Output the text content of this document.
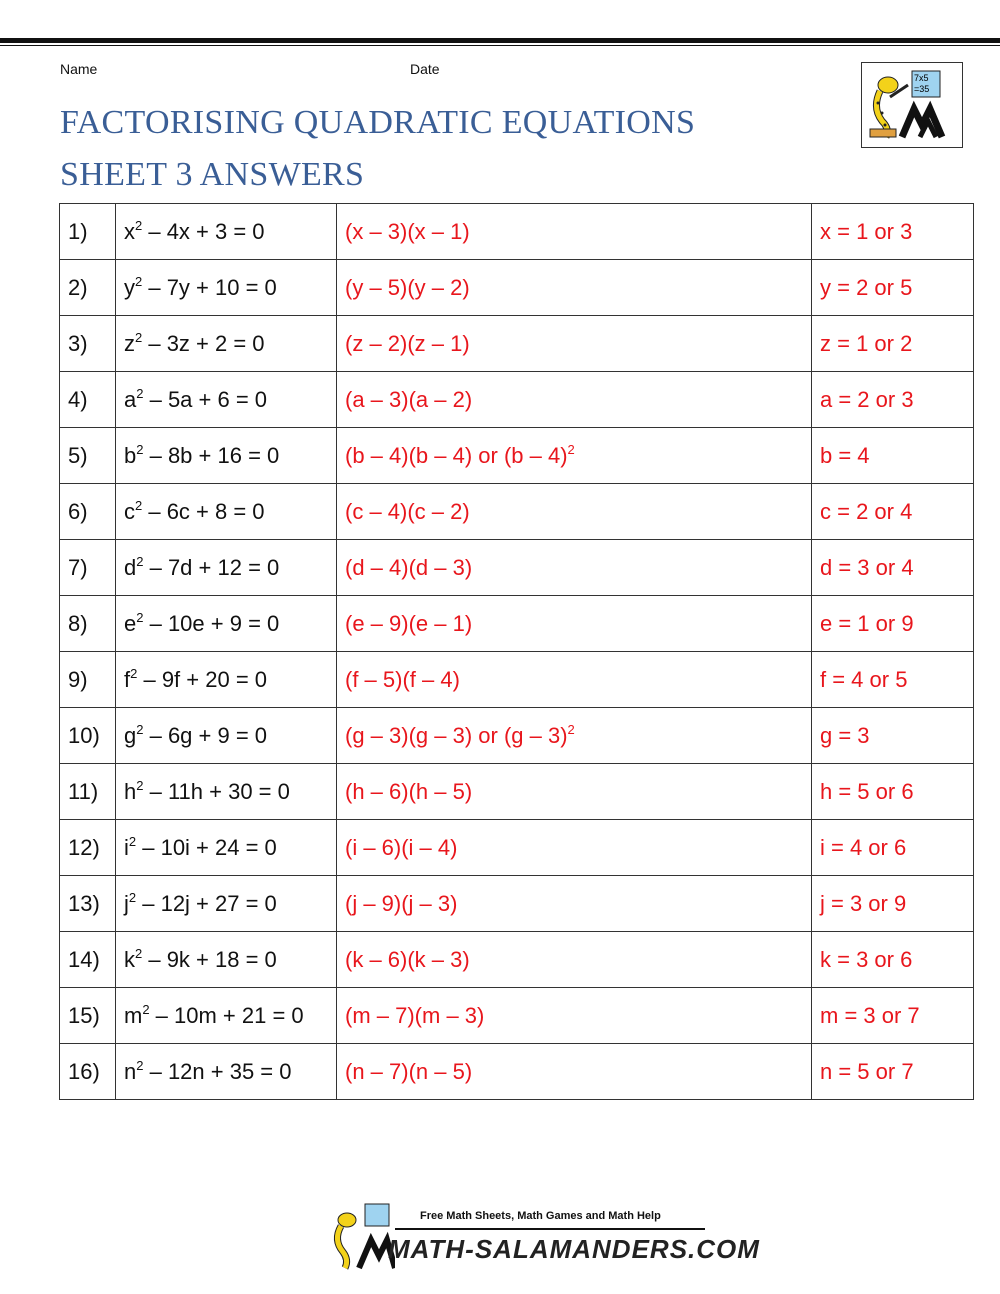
Name	Date
FACTORISING QUADRATIC EQUATIONS
SHEET 3 ANSWERS
7x5
=35
1)	$x^2 - 4x + 3 = 0$	(x – 3)(x – 1)	x = 1 or 3
2)	$y^2 - 7y + 10 = 0$	(y – 5)(y – 2)	y = 2 or 5
3)	$z^2 - 3z + 2 = 0$	(z – 2)(z – 1)	z = 1 or 2
4)	$a^2 - 5a + 6 = 0$	(a – 3)(a – 2)	a = 2 or 3
5)	$b^2 - 8b + 16 = 0$	(b – 4)(b – 4) or (b – 4)$^2$	b = 4
6)	$c^2 - 6c + 8 = 0$	(c – 4)(c – 2)	c = 2 or 4
7)	$d^2 - 7d + 12 = 0$	(d – 4)(d – 3)	d = 3 or 4
8)	$e^2 - 10e + 9 = 0$	(e – 9)(e – 1)	e = 1 or 9
9)	$f^2 - 9f + 20 = 0$	(f – 5)(f – 4)	f = 4 or 5
10)	$g^2 - 6g + 9 = 0$	(g – 3)(g – 3) or (g – 3)$^2$	g = 3
11)	$h^2 - 11h + 30 = 0$	(h – 6)(h – 5)	h = 5 or 6
12)	$i^2 - 10i + 24 = 0$	(i – 6)(i – 4)	i = 4 or 6
13)	$j^2 - 12j + 27 = 0$	(j – 9)(j – 3)	j = 3 or 9
14)	$k^2 - 9k + 18 = 0$	(k – 6)(k – 3)	k = 3 or 6
15)	$m^2 - 10m + 21 = 0$	(m – 7)(m – 3)	m = 3 or 7
16)	$n^2 - 12n + 35 = 0$	(n – 7)(n – 5)	n = 5 or 7
Free Math Sheets, Math Games and Math Help
MATH-SALAMANDERS.COM
